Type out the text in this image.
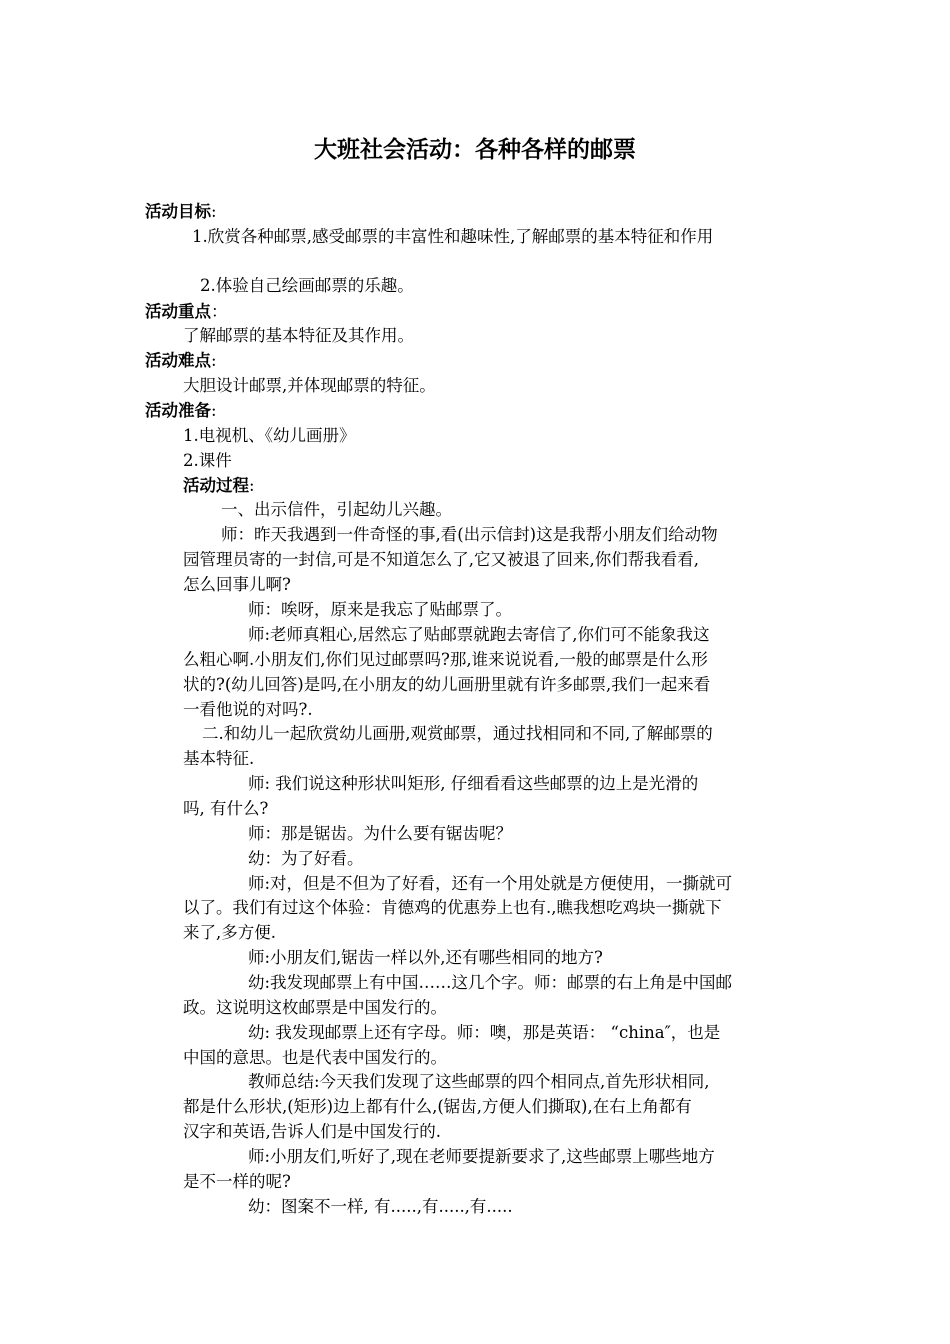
大班社会活动：各种各样的邮票
活动目标:
1.欣赏各种邮票,感受邮票的丰富性和趣味性,了解邮票的基本特征和作用
2.体验自己绘画邮票的乐趣。
活动重点：
了解邮票的基本特征及其作用。
活动难点:
大胆设计邮票,并体现邮票的特征。
活动准备:
1.电视机、《幼儿画册》
2.课件
活动过程:
一、出示信件，引起幼儿兴趣。
师：昨天我遇到一件奇怪的事,看(出示信封)这是我帮小朋友们给动物
园管理员寄的一封信,可是不知道怎么了,它又被退了回来,你们帮我看看,
怎么回事儿啊?
师：唉呀，原来是我忘了贴邮票了。
师:老师真粗心,居然忘了贴邮票就跑去寄信了,你们可不能象我这
么粗心啊.小朋友们,你们见过邮票吗?那,谁来说说看,一般的邮票是什么形
状的?(幼儿回答)是吗,在小朋友的幼儿画册里就有许多邮票,我们一起来看
一看他说的对吗?.
二.和幼儿一起欣赏幼儿画册,观赏邮票，通过找相同和不同,了解邮票的
基本特征.
师: 我们说这种形状叫矩形, 仔细看看这些邮票的边上是光滑的
吗, 有什么?
师：那是锯齿。为什么要有锯齿呢？
幼：为了好看。
师:对，但是不但为了好看，还有一个用处就是方便使用，一撕就可
以了。我们有过这个体验：肯德鸡的优惠券上也有.,瞧我想吃鸡块一撕就下
来了,多方便.
师:小朋友们,锯齿一样以外,还有哪些相同的地方?
幼:我发现邮票上有中国……这几个字。师：邮票的右上角是中国邮
政。这说明这枚邮票是中国发行的。
幼: 我发现邮票上还有字母。师：噢，那是英语： “china″，也是
中国的意思。也是代表中国发行的。
教师总结:今天我们发现了这些邮票的四个相同点,首先形状相同,
都是什么形状,(矩形)边上都有什么,(锯齿,方便人们撕取),在右上角都有
汉字和英语,告诉人们是中国发行的.
师:小朋友们,听好了,现在老师要提新要求了,这些邮票上哪些地方
是不一样的呢?
幼：图案不一样, 有.....,有.....,有.....
